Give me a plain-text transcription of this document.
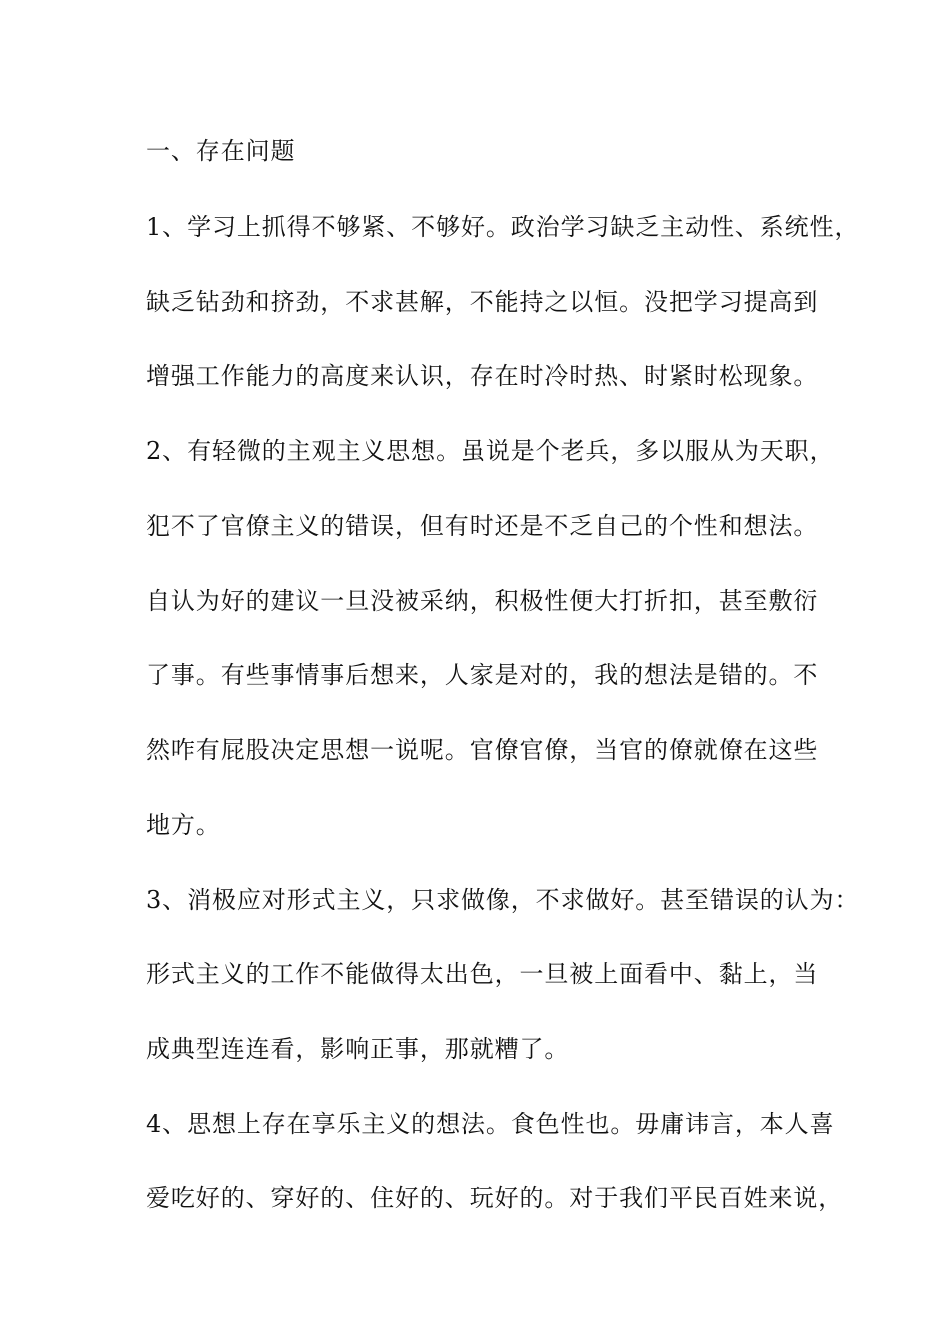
一、存在问题

1、学习上抓得不够紧、不够好。政治学习缺乏主动性、系统性，

缺乏钻劲和挤劲，不求甚解，不能持之以恒。没把学习提高到

增强工作能力的高度来认识，存在时冷时热、时紧时松现象。

2、有轻微的主观主义思想。虽说是个老兵，多以服从为天职，

犯不了官僚主义的错误，但有时还是不乏自己的个性和想法。

自认为好的建议一旦没被采纳，积极性便大打折扣，甚至敷衍

了事。有些事情事后想来，人家是对的，我的想法是错的。不

然咋有屁股决定思想一说呢。官僚官僚，当官的僚就僚在这些

地方。

3、消极应对形式主义，只求做像，不求做好。甚至错误的认为：

形式主义的工作不能做得太出色，一旦被上面看中、黏上，当

成典型连连看，影响正事，那就糟了。

4、思想上存在享乐主义的想法。食色性也。毋庸讳言，本人喜

爱吃好的、穿好的、住好的、玩好的。对于我们平民百姓来说，
